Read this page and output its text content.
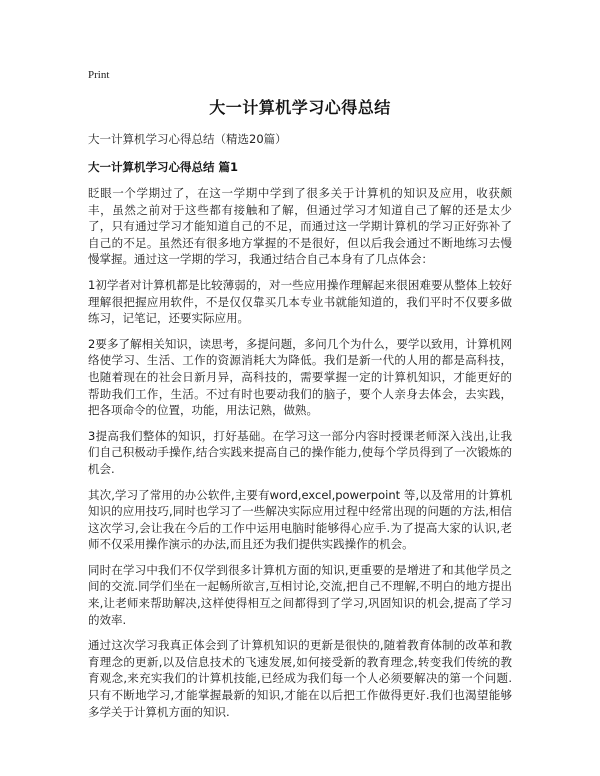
Print
大一计算机学习心得总结
大一计算机学习心得总结（精选20篇）
大一计算机学习心得总结 篇1

眨眼一个学期过了，在这一学期中学到了很多关于计算机的知识及应用，收获颇丰，虽然之前对于这些都有接触和了解，但通过学习才知道自己了解的还是太少了，只有通过学习才能知道自己的不足，而通过这一学期计算机的学习正好弥补了自己的不足。虽然还有很多地方掌握的不是很好，但以后我会通过不断地练习去慢慢掌握。通过这一学期的学习，我通过结合自己本身有了几点体会：

1初学者对计算机都是比较薄弱的，对一些应用操作理解起来很困难要从整体上较好理解很把握应用软件，不是仅仅靠买几本专业书就能知道的，我们平时不仅要多做练习，记笔记，还要实际应用。

2要多了解相关知识，读思考，多提问题，多问几个为什么，要学以致用，计算机网络使学习、生活、工作的资源消耗大为降低。我们是新一代的人用的都是高科技，也随着现在的社会日新月异，高科技的，需要掌握一定的计算机知识，才能更好的帮助我们工作，生活。不过有时也要动我们的脑子，要个人亲身去体会，去实践，把各项命令的位置，功能，用法记熟，做熟。

3提高我们整体的知识，打好基础。在学习这一部分内容时授课老师深入浅出,让我们自己积极动手操作,结合实践来提高自己的操作能力,使每个学员得到了一次锻炼的机会.

其次,学习了常用的办公软件,主要有word,excel,powerpoint 等,以及常用的计算机知识的应用技巧,同时也学习了一些解决实际应用过程中经常出现的问题的方法,相信这次学习,会让我在今后的工作中运用电脑时能够得心应手.为了提高大家的认识,老师不仅采用操作演示的办法,而且还为我们提供实践操作的机会。

同时在学习中我们不仅学到很多计算机方面的知识,更重要的是增进了和其他学员之间的交流.同学们坐在一起畅所欲言,互相讨论,交流,把自己不理解,不明白的地方提出来,让老师来帮助解决,这样使得相互之间都得到了学习,巩固知识的机会,提高了学习的效率.

通过这次学习我真正体会到了计算机知识的更新是很快的,随着教育体制的改革和教育理念的更新,以及信息技术的飞速发展,如何接受新的教育理念,转变我们传统的教育观念,来充实我们的计算机技能,已经成为我们每一个人必须要解决的第一个问题.只有不断地学习,才能掌握最新的知识,才能在以后把工作做得更好.我们也渴望能够多学关于计算机方面的知识.
